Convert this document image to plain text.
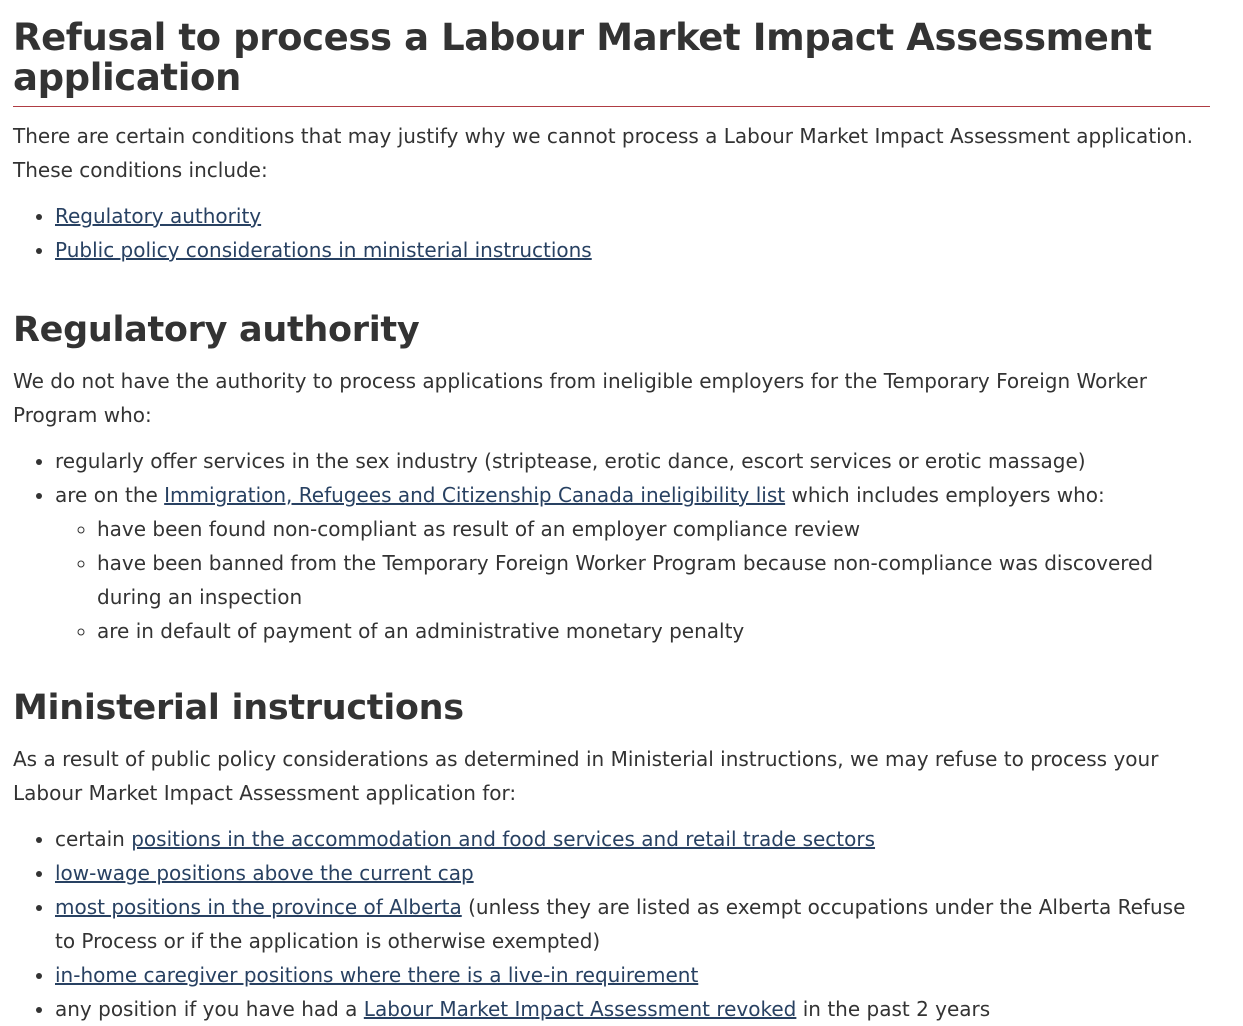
Refusal to process a Labour Market Impact Assessment application

There are certain conditions that may justify why we cannot process a Labour Market Impact Assessment application.
These conditions include:

• Regulatory authority
• Public policy considerations in ministerial instructions
Regulatory authority

We do not have the authority to process applications from ineligible employers for the Temporary Foreign Worker Program who:

• regularly offer services in the sex industry (striptease, erotic dance, escort services or erotic massage)
• are on the Immigration, Refugees and Citizenship Canada ineligibility list which includes employers who:
◦ have been found non-compliant as result of an employer compliance review
◦ have been banned from the Temporary Foreign Worker Program because non-compliance was discovered during an inspection
◦ are in default of payment of an administrative monetary penalty
Ministerial instructions

As a result of public policy considerations as determined in Ministerial instructions, we may refuse to process your Labour Market Impact Assessment application for:

• certain positions in the accommodation and food services and retail trade sectors
• low-wage positions above the current cap
• most positions in the province of Alberta (unless they are listed as exempt occupations under the Alberta Refuse to Process or if the application is otherwise exempted)
• in-home caregiver positions where there is a live-in requirement
• any position if you have had a Labour Market Impact Assessment revoked in the past 2 years
